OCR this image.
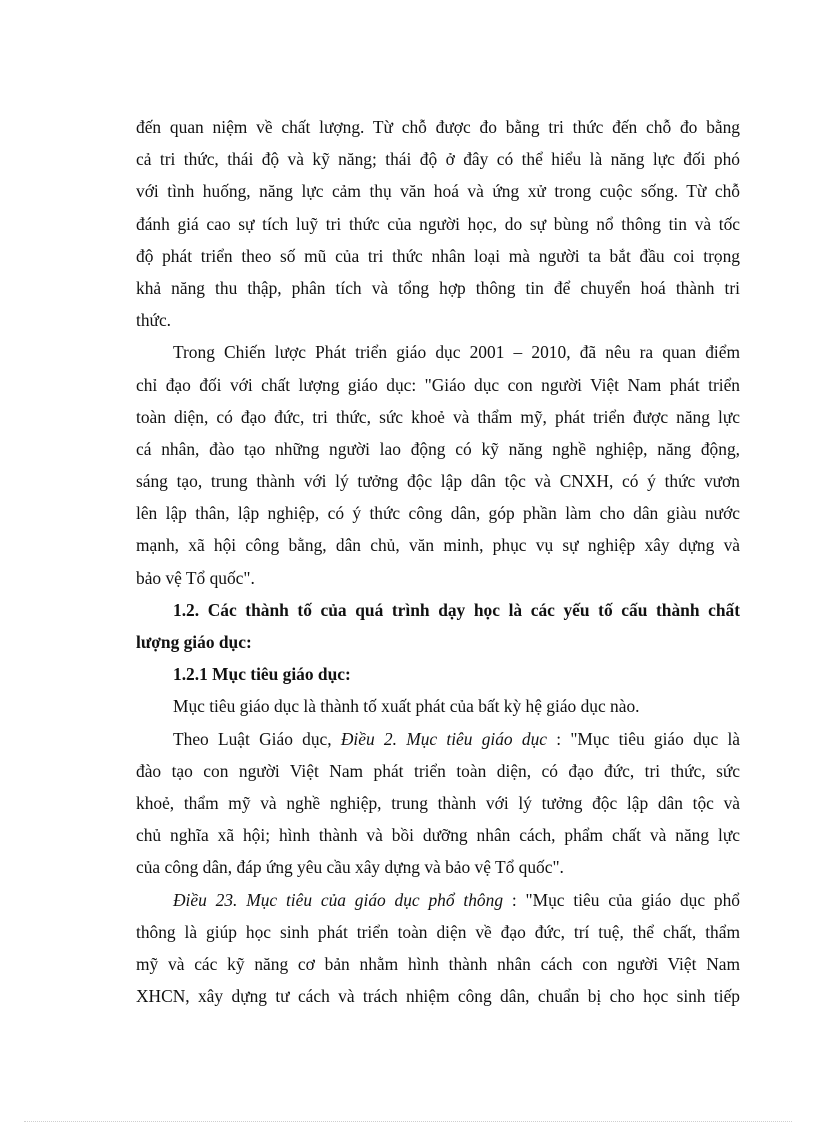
đến quan niệm về chất lượng. Từ chỗ được đo bằng tri thức đến chỗ đo bằng
cả tri thức, thái độ và kỹ năng; thái độ ở đây có thể hiểu là năng lực đối phó
với tình huống, năng lực cảm thụ văn hoá và ứng xử trong cuộc sống. Từ chỗ
đánh giá cao sự tích luỹ tri thức của người học, do sự bùng nổ thông tin và tốc
độ phát triển theo số mũ của tri thức nhân loại mà người ta bắt đầu coi trọng
khả năng thu thập, phân tích và tổng hợp thông tin để chuyển hoá thành tri
thức.
Trong Chiến lược Phát triển giáo dục 2001 – 2010, đã nêu ra quan điểm
chỉ đạo đối với chất lượng giáo dục: "Giáo dục con người Việt Nam phát triển
toàn diện, có đạo đức, tri thức, sức khoẻ và thẩm mỹ, phát triển được năng lực
cá nhân, đào tạo những người lao động có kỹ năng nghề nghiệp, năng động,
sáng tạo, trung thành với lý tưởng độc lập dân tộc và CNXH, có ý thức vươn
lên lập thân, lập nghiệp, có ý thức công dân, góp phần làm cho dân giàu nước
mạnh, xã hội công bằng, dân chủ, văn minh, phục vụ sự nghiệp xây dựng và
bảo vệ Tổ quốc".
1.2. Các thành tố của quá trình dạy học là các yếu tố cấu thành chất
lượng giáo dục:
1.2.1 Mục tiêu giáo dục:
Mục tiêu giáo dục là thành tố xuất phát của bất kỳ hệ giáo dục nào.
Theo Luật Giáo dục, Điều 2. Mục tiêu giáo dục : "Mục tiêu giáo dục là
đào tạo con người Việt Nam phát triển toàn diện, có đạo đức, tri thức, sức
khoẻ, thẩm mỹ và nghề nghiệp, trung thành với lý tưởng độc lập dân tộc và
chủ nghĩa xã hội; hình thành và bồi dưỡng nhân cách, phẩm chất và năng lực
của công dân, đáp ứng yêu cầu xây dựng và bảo vệ Tổ quốc".
Điều 23. Mục tiêu của giáo dục phổ thông : "Mục tiêu của giáo dục phổ
thông là giúp học sinh phát triển toàn diện về đạo đức, trí tuệ, thể chất, thẩm
mỹ và các kỹ năng cơ bản nhằm hình thành nhân cách con người Việt Nam
XHCN, xây dựng tư cách và trách nhiệm công dân, chuẩn bị cho học sinh tiếp
